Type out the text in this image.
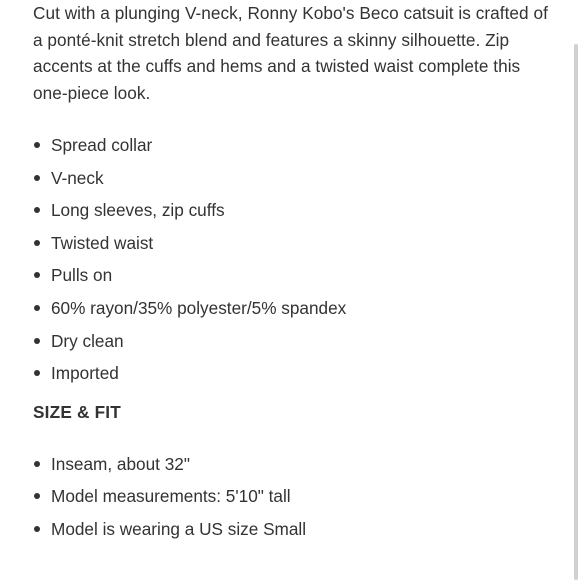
Cut with a plunging V-neck, Ronny Kobo's Beco catsuit is crafted of a ponté-knit stretch blend and features a skinny silhouette. Zip accents at the cuffs and hems and a twisted waist complete this one-piece look.

Spread collar
V-neck
Long sleeves, zip cuffs
Twisted waist
Pulls on
60% rayon/35% polyester/5% spandex
Dry clean
Imported
SIZE & FIT
Inseam, about 32"
Model measurements: 5'10" tall
Model is wearing a US size Small
